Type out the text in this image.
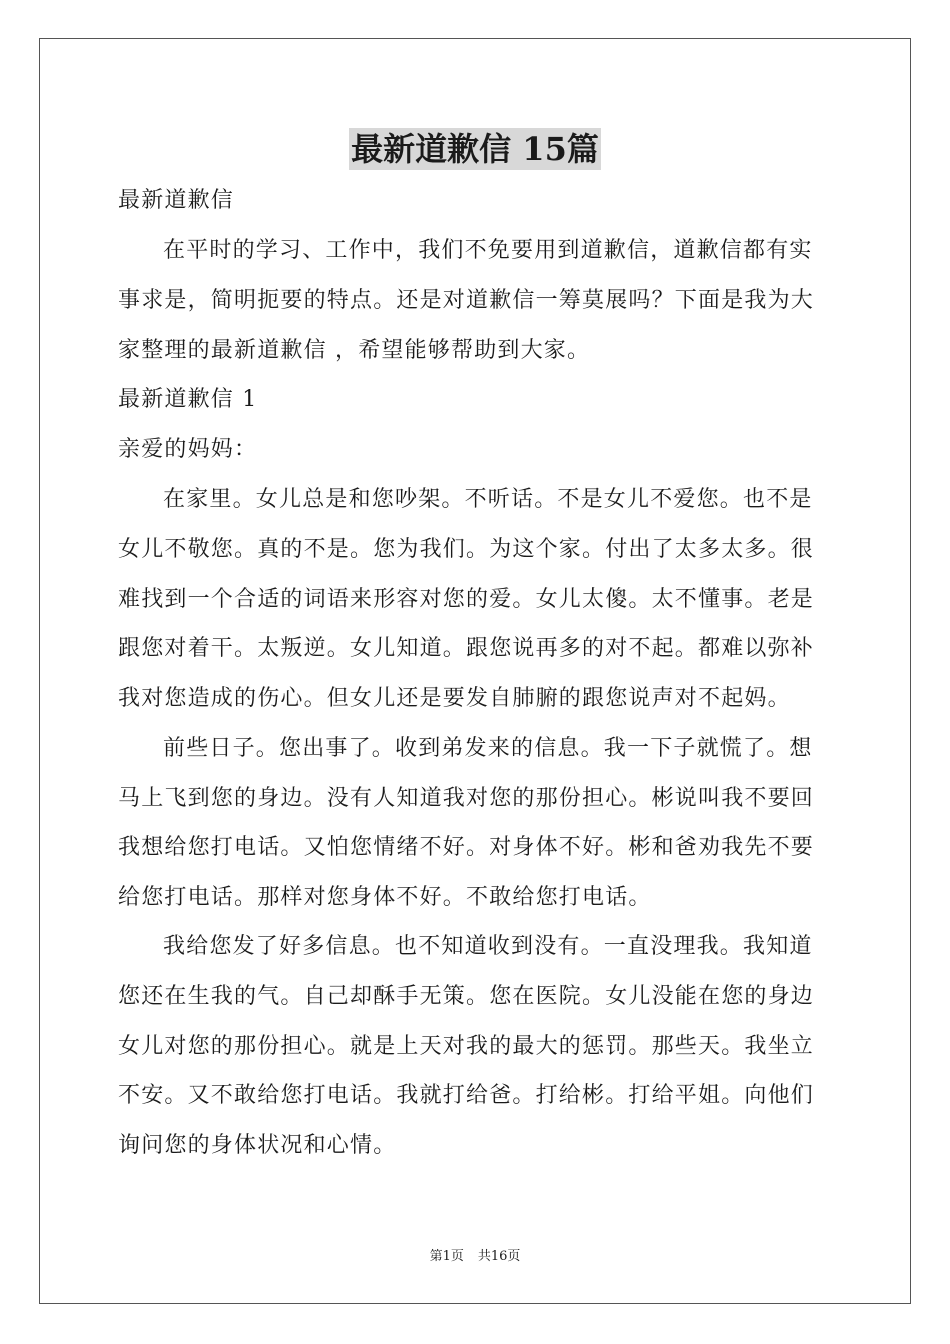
最新道歉信 15篇
最新道歉信
在平时的学习、工作中，我们不免要用到道歉信，道歉信都有实
事求是，简明扼要的特点。还是对道歉信一筹莫展吗？下面是我为大
家整理的最新道歉信 ，希望能够帮助到大家。
最新道歉信 1
亲爱的妈妈：
在家里。女儿总是和您吵架。不听话。不是女儿不爱您。也不是
女儿不敬您。真的不是。您为我们。为这个家。付出了太多太多。很
难找到一个合适的词语来形容对您的爱。女儿太傻。太不懂事。老是
跟您对着干。太叛逆。女儿知道。跟您说再多的对不起。都难以弥补
我对您造成的伤心。但女儿还是要发自肺腑的跟您说声对不起妈。
前些日子。您出事了。收到弟发来的信息。我一下子就慌了。想
马上飞到您的身边。没有人知道我对您的那份担心。彬说叫我不要回
我想给您打电话。又怕您情绪不好。对身体不好。彬和爸劝我先不要
给您打电话。那样对您身体不好。不敢给您打电话。
我给您发了好多信息。也不知道收到没有。一直没理我。我知道
您还在生我的气。自己却酥手无策。您在医院。女儿没能在您的身边
女儿对您的那份担心。就是上天对我的最大的惩罚。那些天。我坐立
不安。又不敢给您打电话。我就打给爸。打给彬。打给平姐。向他们
询问您的身体状况和心情。
第1页 共16页
